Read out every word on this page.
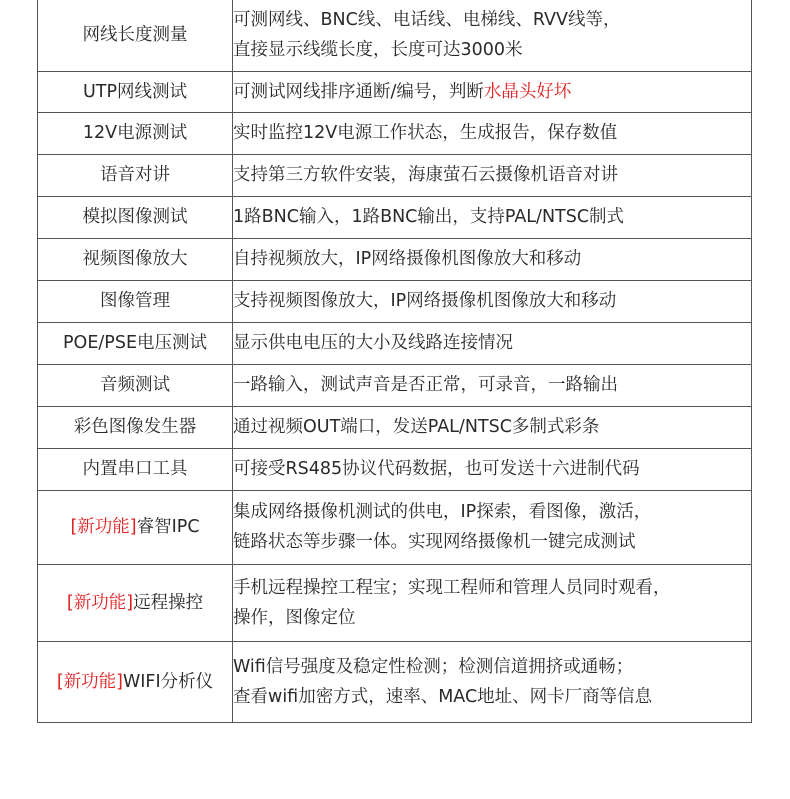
网线长度测量	可测网线、BNC线、电话线、电梯线、RVV线等，
直接显示线缆长度，长度可达3000米

UTP网线测试	可测试网线排序通断/编号，判断水晶头好坏
12V电源测试	实时监控12V电源工作状态，生成报告，保存数值
语音对讲	支持第三方软件安装，海康萤石云摄像机语音对讲
模拟图像测试	1路BNC输入，1路BNC输出，支持PAL/NTSC制式
视频图像放大	自持视频放大，IP网络摄像机图像放大和移动
图像管理	支持视频图像放大，IP网络摄像机图像放大和移动
POE/PSE电压测试	显示供电电压的大小及线路连接情况
音频测试	一路输入，测试声音是否正常，可录音，一路输出
彩色图像发生器	通过视频OUT端口，发送PAL/NTSC多制式彩条
内置串口工具	可接受RS485协议代码数据，也可发送十六进制代码
[新功能]睿智IPC	集成网络摄像机测试的供电，IP探索，看图像，激活，
链路状态等步骤一体。实现网络摄像机一键完成测试

[新功能]远程操控	手机远程操控工程宝；实现工程师和管理人员同时观看，
操作，图像定位

[新功能]WIFI分析仪	Wifi信号强度及稳定性检测；检测信道拥挤或通畅；
查看wifi加密方式，速率、MAC地址、网卡厂商等信息
